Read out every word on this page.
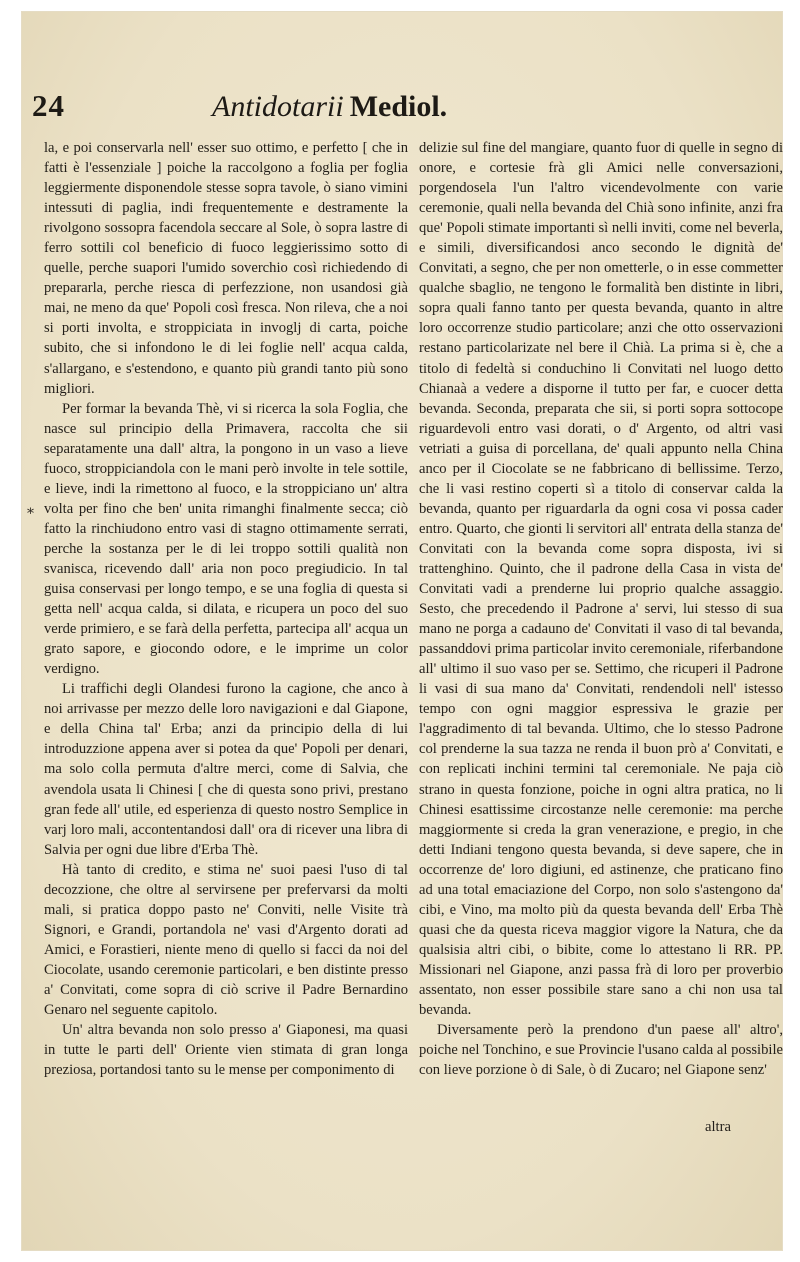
24	Antidotarii Mediol.
*

la, e poi conservarla nell' esser suo ottimo, e perfetto [ che in fatti è l'essenziale ] poiche la raccolgono a foglia per foglia leggiermente disponendole stesse sopra tavole, ò siano vimini intessuti di paglia, indi frequentemente e destramente la rivolgono sossopra facendola seccare al Sole, ò sopra lastre di ferro sottili col beneficio di fuoco leggierissimo sotto di quelle, perche suapori l'umido soverchio così richiedendo di prepararla, perche riesca di perfezzione, non usandosi già mai, ne meno da que' Popoli così fresca. Non rileva, che a noi si porti involta, e stroppiciata in invoglj di carta, poiche subito, che si infondono le di lei foglie nell' acqua calda, s'allargano, e s'estendono, e quanto più grandi tanto più sono migliori.

Per formar la bevanda Thè, vi si ricerca la sola Foglia, che nasce sul principio della Primavera, raccolta che sii separatamente una dall' altra, la pongono in un vaso a lieve fuoco, stroppiciandola con le mani però involte in tele sottile, e lieve, indi la rimettono al fuoco, e la stroppiciano un' altra volta per fino che ben' unita rimanghi finalmente secca; ciò fatto la rinchiudono entro vasi di stagno ottimamente serrati, perche la sostanza per le di lei troppo sottili qualità non svanisca, ricevendo dall' aria non poco pregiudicio. In tal guisa conservasi per longo tempo, e se una foglia di questa si getta nell' acqua calda, si dilata, e ricupera un poco del suo verde primiero, e se farà della perfetta, partecipa all' acqua un grato sapore, e giocondo odore, e le imprime un color verdigno.

Li traffichi degli Olandesi furono la cagione, che anco à noi arrivasse per mezzo delle loro navigazioni e dal Giapone, e della China tal' Erba; anzi da principio della di lui introduzzione appena aver si potea da que' Popoli per denari, ma solo colla permuta d'altre merci, come di Salvia, che avendola usata li Chinesi [ che di questa sono privi, prestano gran fede all' utile, ed esperienza di questo nostro Semplice in varj loro mali, accontentandosi dall' ora di ricever una libra di Salvia per ogni due libre d'Erba Thè.

Hà tanto di credito, e stima ne' suoi paesi l'uso di tal decozzione, che oltre al servirsene per prefervarsi da molti mali, si pratica doppo pasto ne' Conviti, nelle Visite trà Signori, e Grandi, portandola ne' vasi d'Argento dorati ad Amici, e Forastieri, niente meno di quello si facci da noi del Ciocolate, usando ceremonie particolari, e ben distinte presso a' Convitati, come sopra di ciò scrive il Padre Bernardino Genaro nel seguente capitolo.

Un' altra bevanda non solo presso a' Giaponesi, ma quasi in tutte le parti dell' Oriente vien stimata di gran longa preziosa, portandosi tanto su le mense per componimento di

delizie sul fine del mangiare, quanto fuor di quelle in segno di onore, e cortesie frà gli Amici nelle conversazioni, porgendosela l'un l'altro vicendevolmente con varie ceremonie, quali nella bevanda del Chià sono infinite, anzi fra que' Popoli stimate importanti sì nelli inviti, come nel beverla, e simili, diversificandosi anco secondo le dignità de' Convitati, a segno, che per non ometterle, o in esse commetter qualche sbaglio, ne tengono le formalità ben distinte in libri, sopra quali fanno tanto per questa bevanda, quanto in altre loro occorrenze studio particolare; anzi che otto osservazioni restano particolarizate nel bere il Chià. La prima si è, che a titolo di fedeltà si conduchino li Convitati nel luogo detto Chianaà a vedere a disporne il tutto per far, e cuocer detta bevanda. Seconda, preparata che sii, si porti sopra sottocope riguardevoli entro vasi dorati, o d' Argento, od altri vasi vetriati a guisa di porcellana, de' quali appunto nella China anco per il Ciocolate se ne fabbricano di bellissime. Terzo, che li vasi restino coperti sì a titolo di conservar calda la bevanda, quanto per riguardarla da ogni cosa vi possa cader entro. Quarto, che gionti li servitori all' entrata della stanza de' Convitati con la bevanda come sopra disposta, ivi si trattenghino. Quinto, che il padrone della Casa in vista de' Convitati vadi a prenderne lui proprio qualche assaggio. Sesto, che precedendo il Padrone a' servi, lui stesso di sua mano ne porga a cadauno de' Convitati il vaso di tal bevanda, passanddovi prima particolar invito ceremoniale, riferbandone all' ultimo il suo vaso per se. Settimo, che ricuperi il Padrone li vasi di sua mano da' Convitati, rendendoli nell' istesso tempo con ogni maggior espressiva le grazie per l'aggradimento di tal bevanda. Ultimo, che lo stesso Padrone col prenderne la sua tazza ne renda il buon prò a' Convitati, e con replicati inchini termini tal ceremoniale. Ne paja ciò strano in questa fonzione, poiche in ogni altra pratica, no li Chinesi esattissime circostanze nelle ceremonie: ma perche maggiormente si creda la gran venerazione, e pregio, in che detti Indiani tengono questa bevanda, si deve sapere, che in occorrenze de' loro digiuni, ed astinenze, che praticano fino ad una total emaciazione del Corpo, non solo s'astengono da' cibi, e Vino, ma molto più da questa bevanda dell' Erba Thè quasi che da questa riceva maggior vigore la Natura, che da qualsisia altri cibi, o bibite, come lo attestano li RR. PP. Missionari nel Giapone, anzi passa frà di loro per proverbio assentato, non esser possibile stare sano a chi non usa tal bevanda.

Diversamente però la prendono d'un paese all' altro', poiche nel Tonchino, e sue Provincie l'usano calda al possibile con lieve porzione ò di Sale, ò di Zucaro; nel Giapone senz'

altra
